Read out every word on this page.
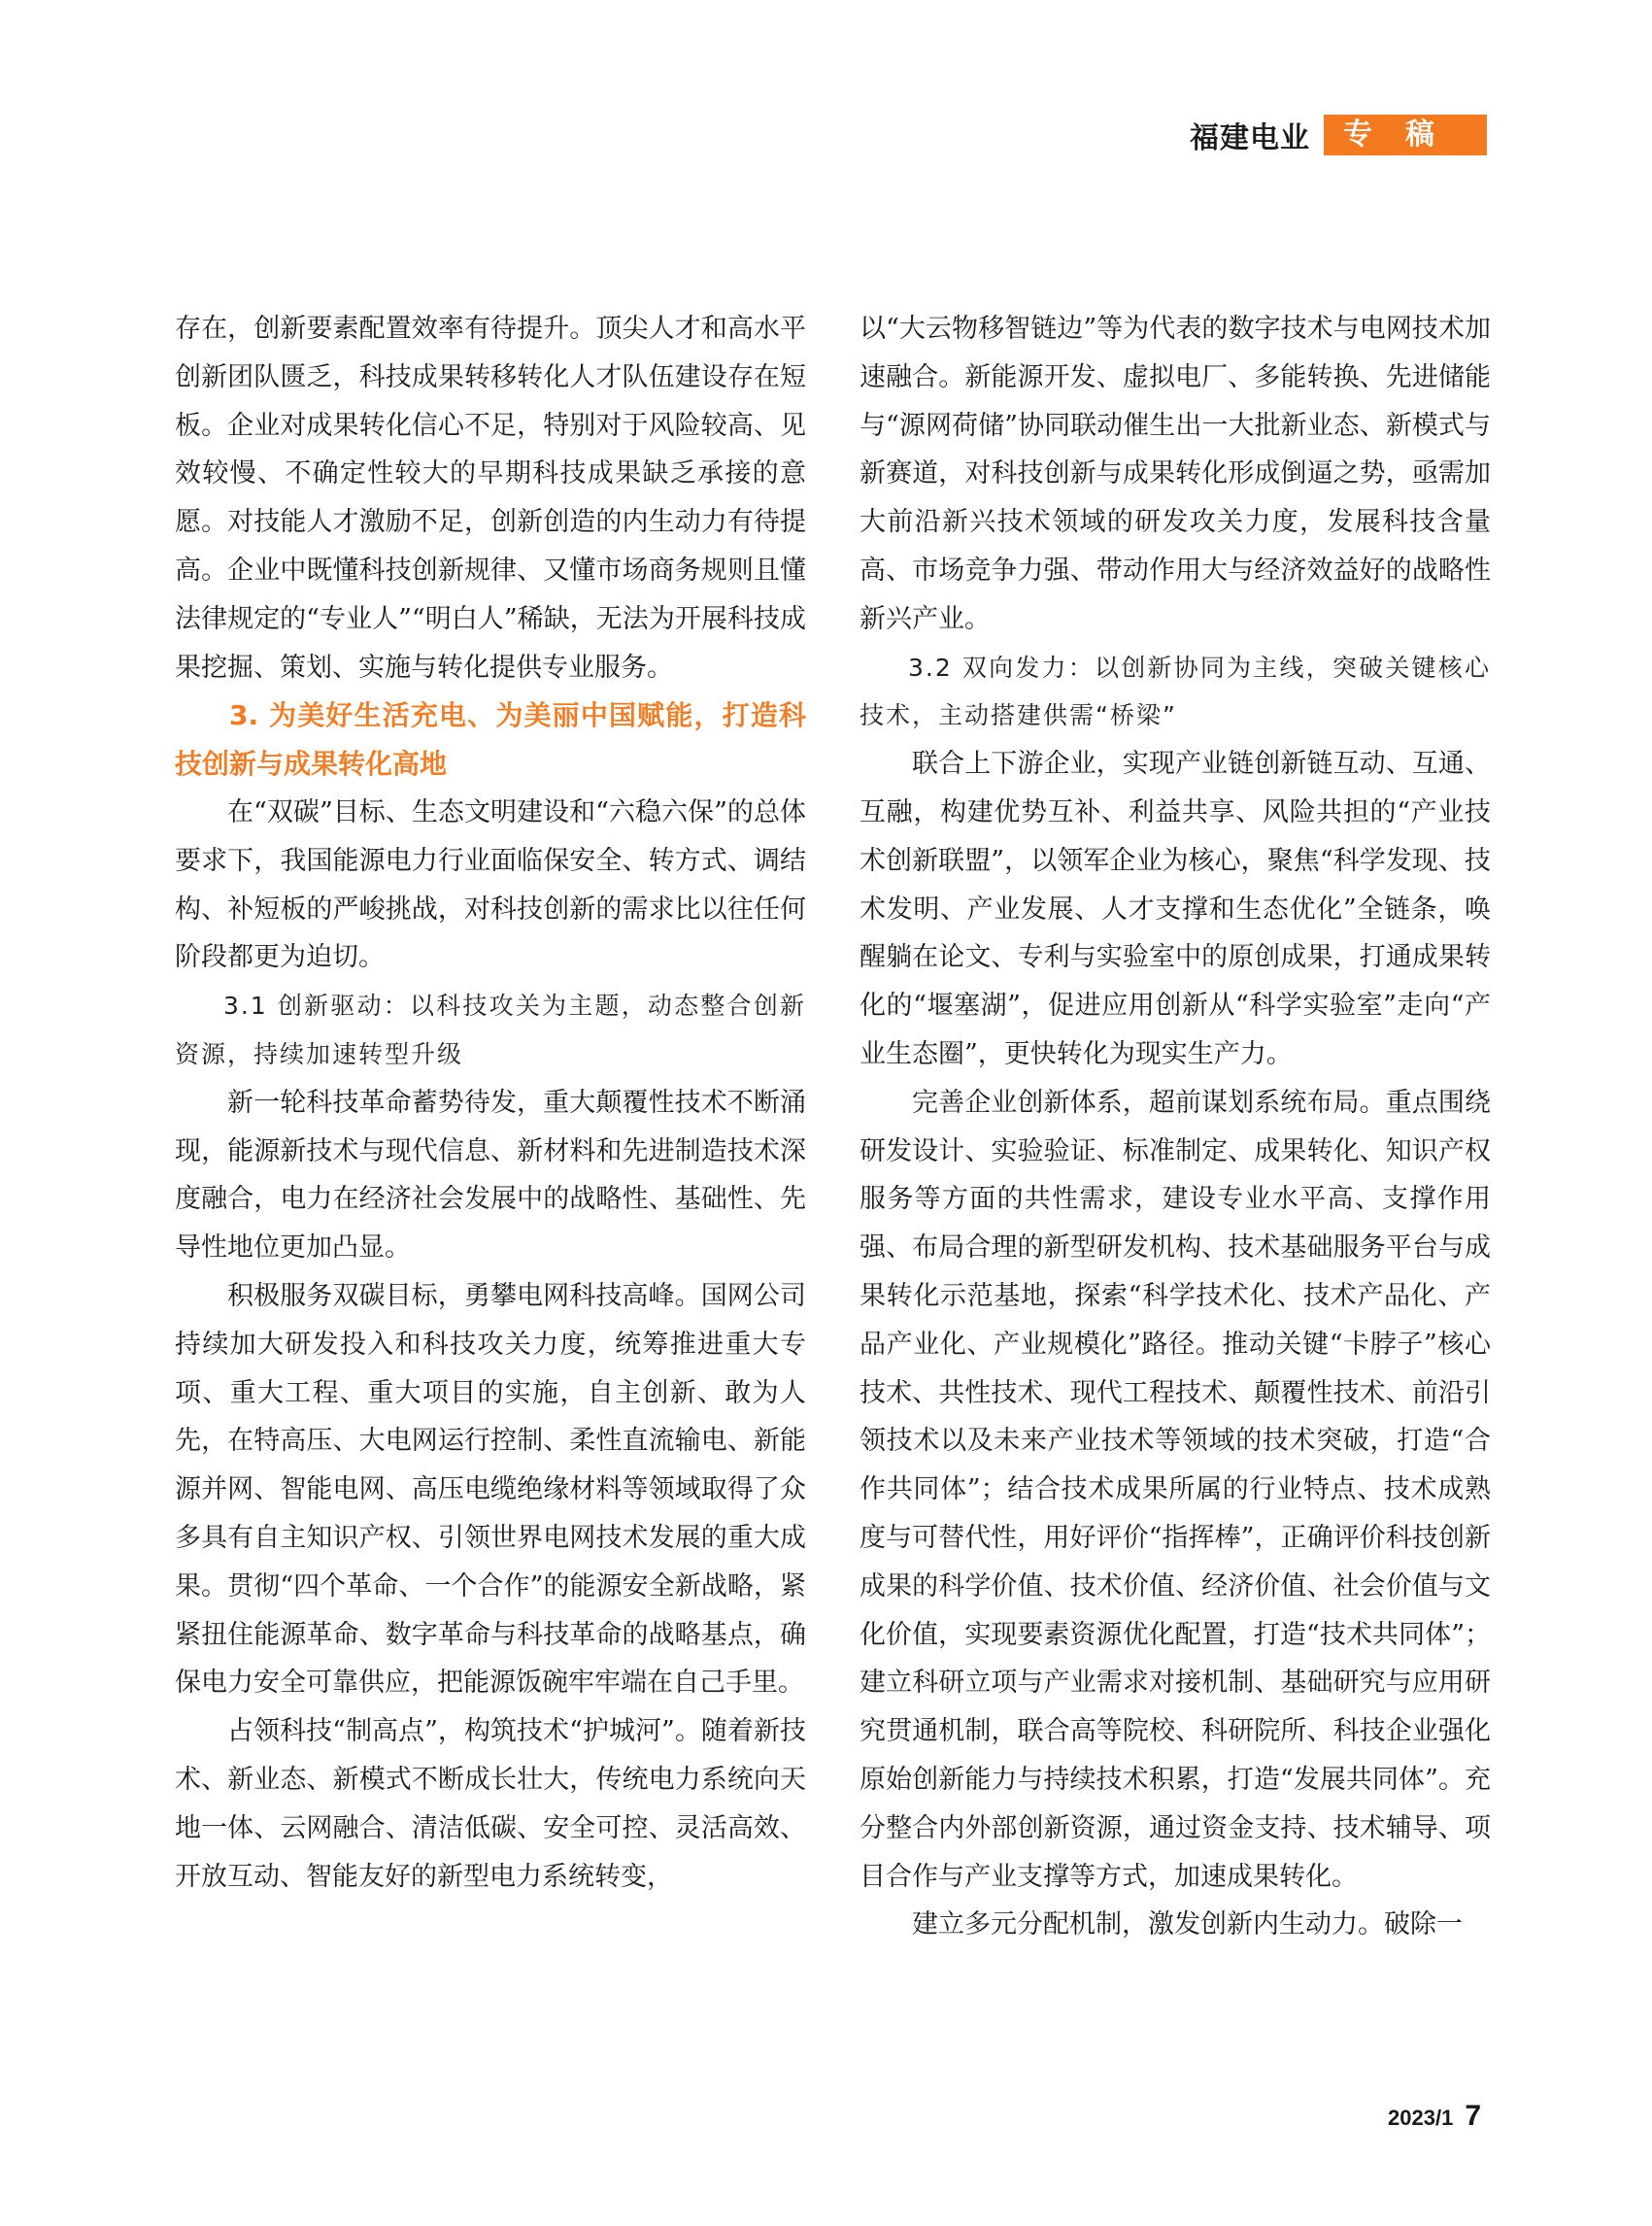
福建电业	专稿

存在，创新要素配置效率有待提升。顶尖人才和高水平创新团队匮乏，科技成果转移转化人才队伍建设存在短板。企业对成果转化信心不足，特别对于风险较高、见效较慢、不确定性较大的早期科技成果缺乏承接的意愿。对技能人才激励不足，创新创造的内生动力有待提高。企业中既懂科技创新规律、又懂市场商务规则且懂法律规定的“专业人”“明白人”稀缺，无法为开展科技成果挖掘、策划、实施与转化提供专业服务。

3. 为美好生活充电、为美丽中国赋能，打造科技创新与成果转化高地

在“双碳”目标、生态文明建设和“六稳六保”的总体要求下，我国能源电力行业面临保安全、转方式、调结构、补短板的严峻挑战，对科技创新的需求比以往任何阶段都更为迫切。

3.1 创新驱动：以科技攻关为主题，动态整合创新资源，持续加速转型升级

新一轮科技革命蓄势待发，重大颠覆性技术不断涌现，能源新技术与现代信息、新材料和先进制造技术深度融合，电力在经济社会发展中的战略性、基础性、先导性地位更加凸显。

积极服务双碳目标，勇攀电网科技高峰。国网公司持续加大研发投入和科技攻关力度，统筹推进重大专项、重大工程、重大项目的实施，自主创新、敢为人先，在特高压、大电网运行控制、柔性直流输电、新能源并网、智能电网、高压电缆绝缘材料等领域取得了众多具有自主知识产权、引领世界电网技术发展的重大成果。贯彻“四个革命、一个合作”的能源安全新战略，紧紧扭住能源革命、数字革命与科技革命的战略基点，确保电力安全可靠供应，把能源饭碗牢牢端在自己手里。

占领科技“制高点”，构筑技术“护城河”。随着新技术、新业态、新模式不断成长壮大，传统电力系统向天地一体、云网融合、清洁低碳、安全可控、灵活高效、开放互动、智能友好的新型电力系统转变，

以“大云物移智链边”等为代表的数字技术与电网技术加速融合。新能源开发、虚拟电厂、多能转换、先进储能与“源网荷储”协同联动催生出一大批新业态、新模式与新赛道，对科技创新与成果转化形成倒逼之势，亟需加大前沿新兴技术领域的研发攻关力度，发展科技含量高、市场竞争力强、带动作用大与经济效益好的战略性新兴产业。

3.2 双向发力：以创新协同为主线，突破关键核心技术，主动搭建供需“桥梁”

联合上下游企业，实现产业链创新链互动、互通、互融，构建优势互补、利益共享、风险共担的“产业技术创新联盟”，以领军企业为核心，聚焦“科学发现、技术发明、产业发展、人才支撑和生态优化”全链条，唤醒躺在论文、专利与实验室中的原创成果，打通成果转化的“堰塞湖”，促进应用创新从“科学实验室”走向“产业生态圈”，更快转化为现实生产力。

完善企业创新体系，超前谋划系统布局。重点围绕研发设计、实验验证、标准制定、成果转化、知识产权服务等方面的共性需求，建设专业水平高、支撑作用强、布局合理的新型研发机构、技术基础服务平台与成果转化示范基地，探索“科学技术化、技术产品化、产品产业化、产业规模化”路径。推动关键“卡脖子”核心技术、共性技术、现代工程技术、颠覆性技术、前沿引领技术以及未来产业技术等领域的技术突破，打造“合作共同体”；结合技术成果所属的行业特点、技术成熟度与可替代性，用好评价“指挥棒”，正确评价科技创新成果的科学价值、技术价值、经济价值、社会价值与文化价值，实现要素资源优化配置，打造“技术共同体”；建立科研立项与产业需求对接机制、基础研究与应用研究贯通机制，联合高等院校、科研院所、科技企业强化原始创新能力与持续技术积累，打造“发展共同体”。充分整合内外部创新资源，通过资金支持、技术辅导、项目合作与产业支撑等方式，加速成果转化。

建立多元分配机制，激发创新内生动力。破除一

2023/1 7
